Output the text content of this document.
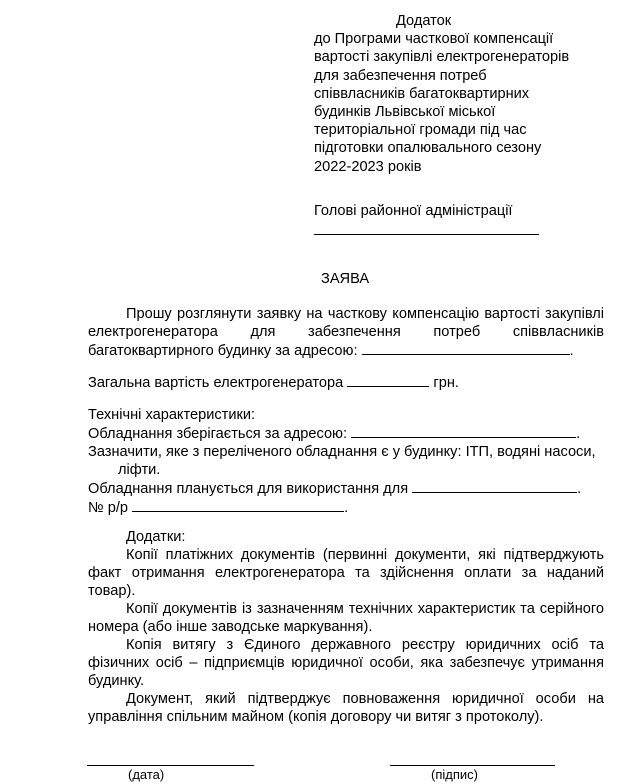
Додаток
до Програми часткової компенсації
вартості закупівлі електрогенераторів
для забезпечення потреб
співвласників багатоквартирних
будинків Львівської міської
територіальної громади під час
підготовки опалювального сезону
2022-2023 років
Голові районної адміністрації
ЗАЯВА
Прошу розглянути заявку на часткову компенсацію вартості закупівлі
електрогенератора для забезпечення потреб співвласників
багатоквартирного будинку за адресою:	.
Загальна вартість електрогенератора	грн.
Технічні характеристики:
Обладнання зберігається за адресою:	.
Зазначити, яке з переліченого обладнання є у будинку: ІТП, водяні насоси,
ліфти.
Обладнання планується для використання для	.
№ р/р	.
Додатки:
Копії платіжних документів (первинні документи, які підтверджують
факт отримання електрогенератора та здійснення оплати за наданий
товар).
Копії документів із зазначенням технічних характеристик та серійного
номера (або інше заводське маркування).
Копія витягу з Єдиного державного реєстру юридичних осіб та
фізичних осіб – підприємців юридичної особи, яка забезпечує утримання
будинку.
Документ, який підтверджує повноваження юридичної особи на
управління спільним майном (копія договору чи витяг з протоколу).
(дата)	(підпис)
